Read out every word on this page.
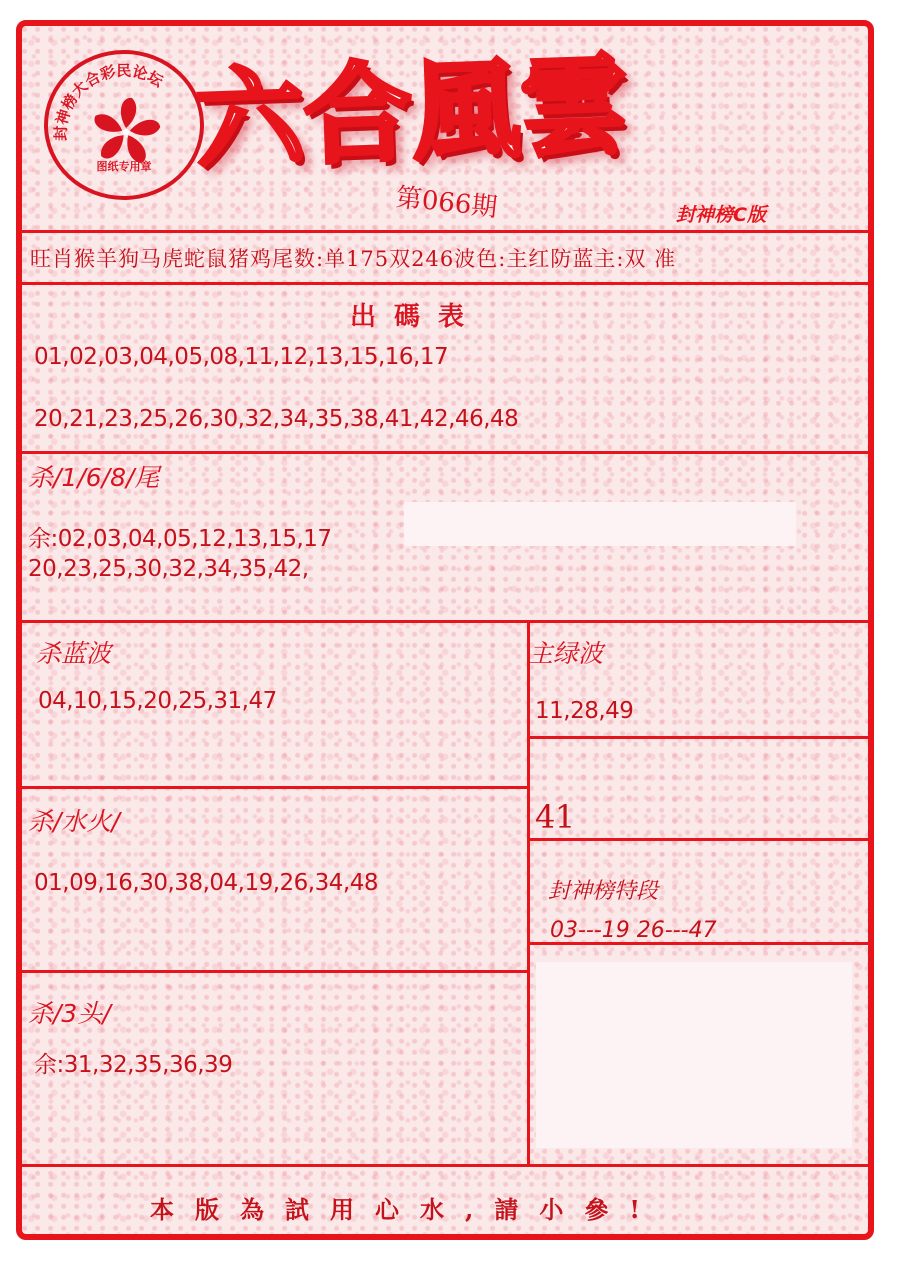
封神榜大合彩民论坛
图纸专用章 六合風雲
第066期	封神榜C版
旺肖猴羊狗马虎蛇鼠猪鸡尾数:单175双246波色:主红防蓝主:双 准
出碼表
01,02,03,04,05,08,11,12,13,15,16,17
20,21,23,25,26,30,32,34,35,38,41,42,46,48
杀/1/6/8/尾
余:02,03,04,05,12,13,15,17
20,23,25,30,32,34,35,42,
杀蓝波
04,10,15,20,25,31,47
主绿波
11,28,49
41
杀/水火/
01,09,16,30,38,04,19,26,34,48	封神榜特段
03---19 26---47
杀/3头/
余:31,32,35,36,39
本版為試用心水,請小參!
